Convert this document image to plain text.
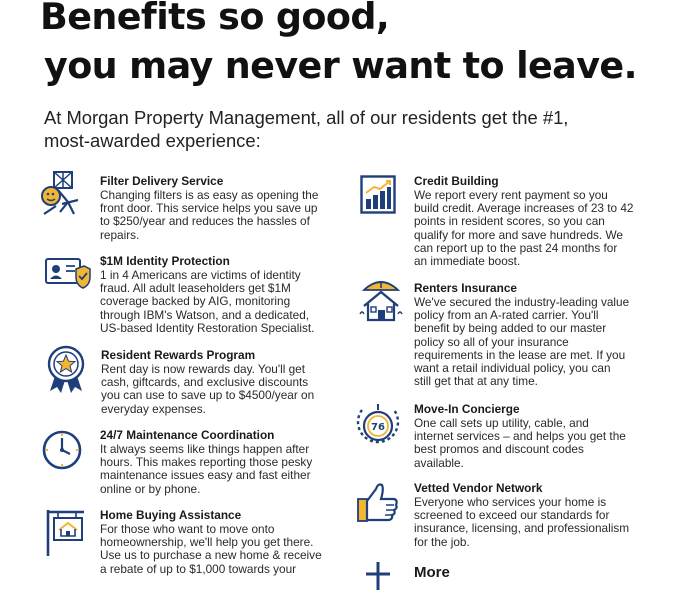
Benefits so good,
you may never want to leave.

At Morgan Property Management, all of our residents get the #1,
most-awarded experience:

Filter Delivery Service
Changing filters is as easy as opening the
front door. This service helps you save up
to $250/year and reduces the hassles of
repairs.
$1M Identity Protection
1 in 4 Americans are victims of identity
fraud. All adult leaseholders get $1M
coverage backed by AIG, monitoring
through IBM's Watson, and a dedicated,
US-based Identity Restoration Specialist.
Resident Rewards Program
Rent day is now rewards day. You'll get
cash, giftcards, and exclusive discounts
you can use to save up to $4500/year on
everyday expenses.
24/7 Maintenance Coordination
It always seems like things happen after
hours. This makes reporting those pesky
maintenance issues easy and fast either
online or by phone.
Home Buying Assistance
For those who want to move onto
homeownership, we'll help you get there.
Use us to purchase a new home & receive
a rebate of up to $1,000 towards your
Credit Building
We report every rent payment so you
build credit. Average increases of 23 to 42
points in resident scores, so you can
qualify for more and save hundreds. We
can report up to the past 24 months for
an immediate boost.
Renters Insurance
We've secured the industry-leading value
policy from an A-rated carrier. You'll
benefit by being added to our master
policy so all of your insurance
requirements in the lease are met. If you
want a retail individual policy, you can
still get that at any time.
76
Move-In Concierge
One call sets up utility, cable, and
internet services – and helps you get the
best promos and discount codes
available.
Vetted Vendor Network
Everyone who services your home is
screened to exceed our standards for
insurance, licensing, and professionalism
for the job.
More
